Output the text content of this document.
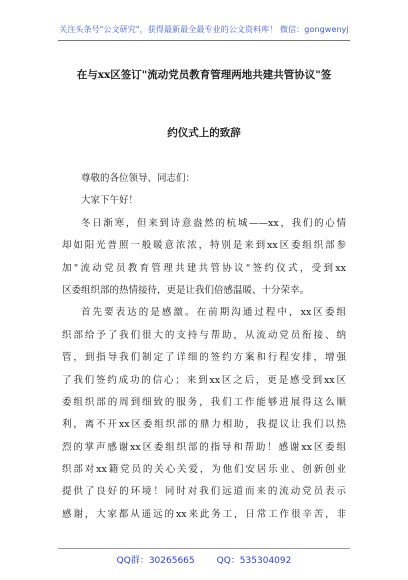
关注头条号"公文研究"，获得最新最全最专业的公文资料库！ 微信：gongwenyj
在与xx区签订"流动党员教育管理两地共建共管协议"签
约仪式上的致辞
尊敬的各位领导、同志们：
大家下午好！
冬日渐寒，但来到诗意盎然的杭城——xx，我们的心情
却如阳光普照一般暖意浓浓，特别是来到xx区委组织部参
加"流动党员教育管理共建共管协议"签约仪式，受到xx
区委组织部的热情接待，更是让我们倍感温暖、十分荣幸。
首先要表达的是感激。在前期沟通过程中，xx区委组
织部给予了我们很大的支持与帮助，从流动党员衔接、纳
管，到指导我们制定了详细的签约方案和行程安排，增强
了我们签约成功的信心；来到xx区之后，更是感受到xx区
委组织部的周到细致的服务，我们工作能够进展得这么顺
利，离不开xx区委组织部的鼎力相助，我提议让我们以热
烈的掌声感谢xx区委组织部的指导和帮助！感谢xx区委组
织部对xx籍党员的关心关爱，为他们安居乐业、创新创业
提供了良好的环境！同时对我们远道而来的流动党员表示
感谢，大家都从遥远的xx来此务工，日常工作很辛苦，非
QQ群：30265665 QQ：535304092
